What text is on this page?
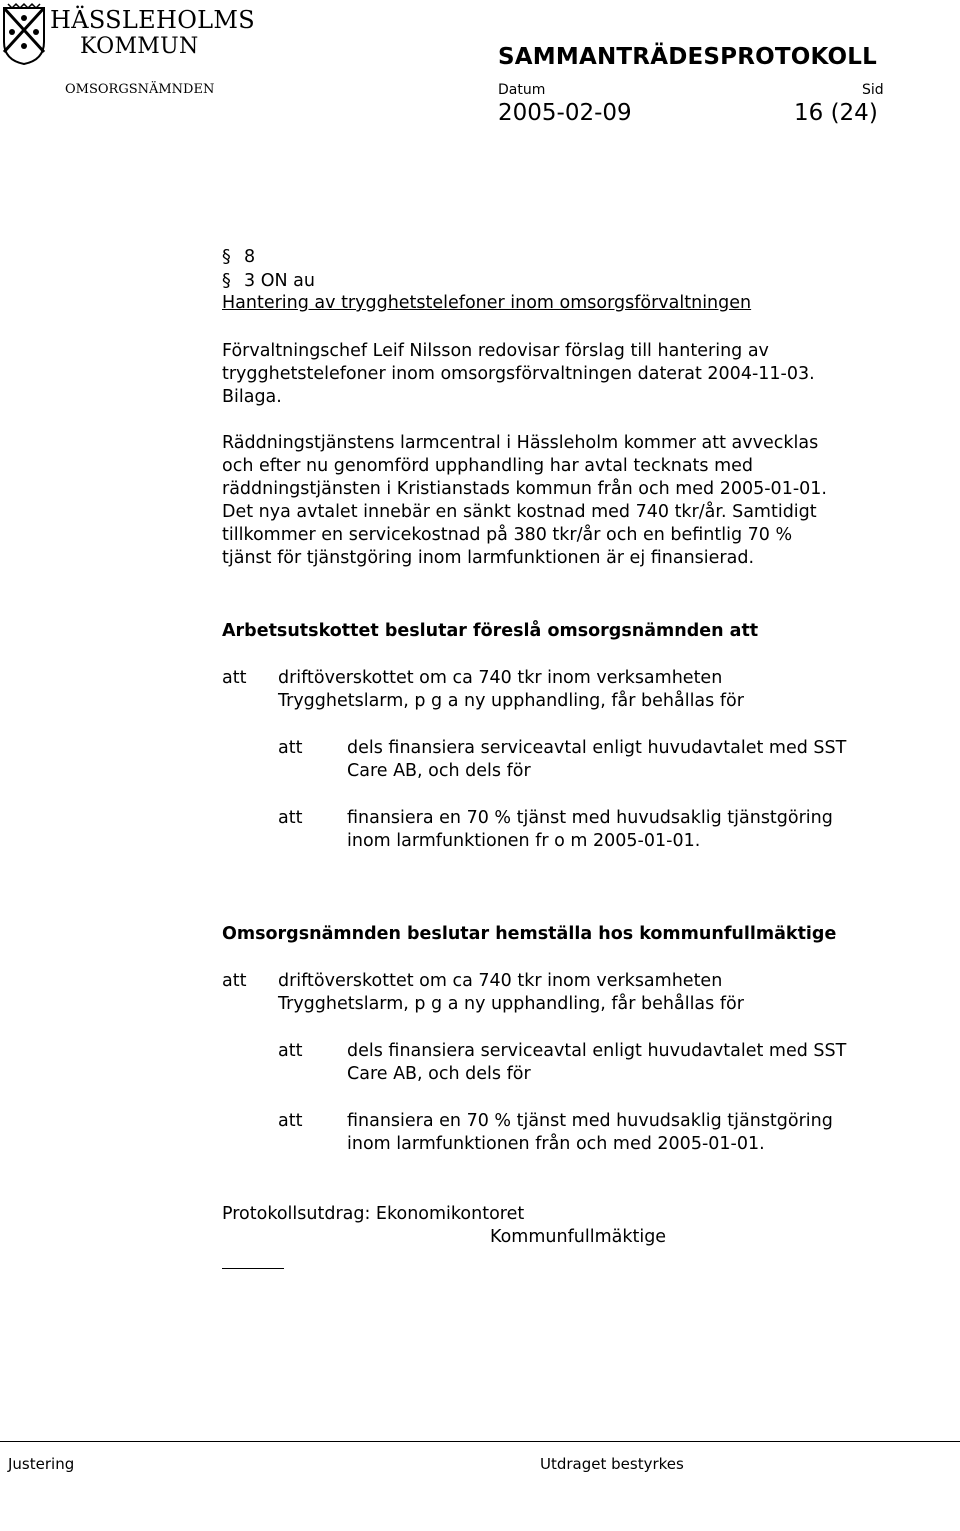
HÄSSLEHOLMS
KOMMUN
OMSORGSNÄMNDEN
SAMMANTRÄDESPROTOKOLL
Datum	Sid
2005-02-09	16 (24)
§ 8
§ 3 ON au
Hantering av trygghetstelefoner inom omsorgsförvaltningen
Förvaltningschef Leif Nilsson redovisar förslag till hantering av
trygghetstelefoner inom omsorgsförvaltningen daterat 2004-11-03.
Bilaga.
Räddningstjänstens larmcentral i Hässleholm kommer att avvecklas
och efter nu genomförd upphandling har avtal tecknats med
räddningstjänsten i Kristianstads kommun från och med 2005-01-01.
Det nya avtalet innebär en sänkt kostnad med 740 tkr/år. Samtidigt
tillkommer en servicekostnad på 380 tkr/år och en befintlig 70 %
tjänst för tjänstgöring inom larmfunktionen är ej finansierad.
Arbetsutskottet beslutar föreslå omsorgsnämnden att
att driftöverskottet om ca 740 tkr inom verksamheten
Trygghetslarm, p g a ny upphandling, får behållas för
att	dels finansiera serviceavtal enligt huvudavtalet med SST
Care AB, och dels för
att	finansiera en 70 % tjänst med huvudsaklig tjänstgöring
inom larmfunktionen fr o m 2005-01-01.
Omsorgsnämnden beslutar hemställa hos kommunfullmäktige
att driftöverskottet om ca 740 tkr inom verksamheten
Trygghetslarm, p g a ny upphandling, får behållas för
att	dels finansiera serviceavtal enligt huvudavtalet med SST
Care AB, och dels för
att	finansiera en 70 % tjänst med huvudsaklig tjänstgöring
inom larmfunktionen från och med 2005-01-01.
Protokollsutdrag: Ekonomikontoret
Kommunfullmäktige
Justering	Utdraget bestyrkes
